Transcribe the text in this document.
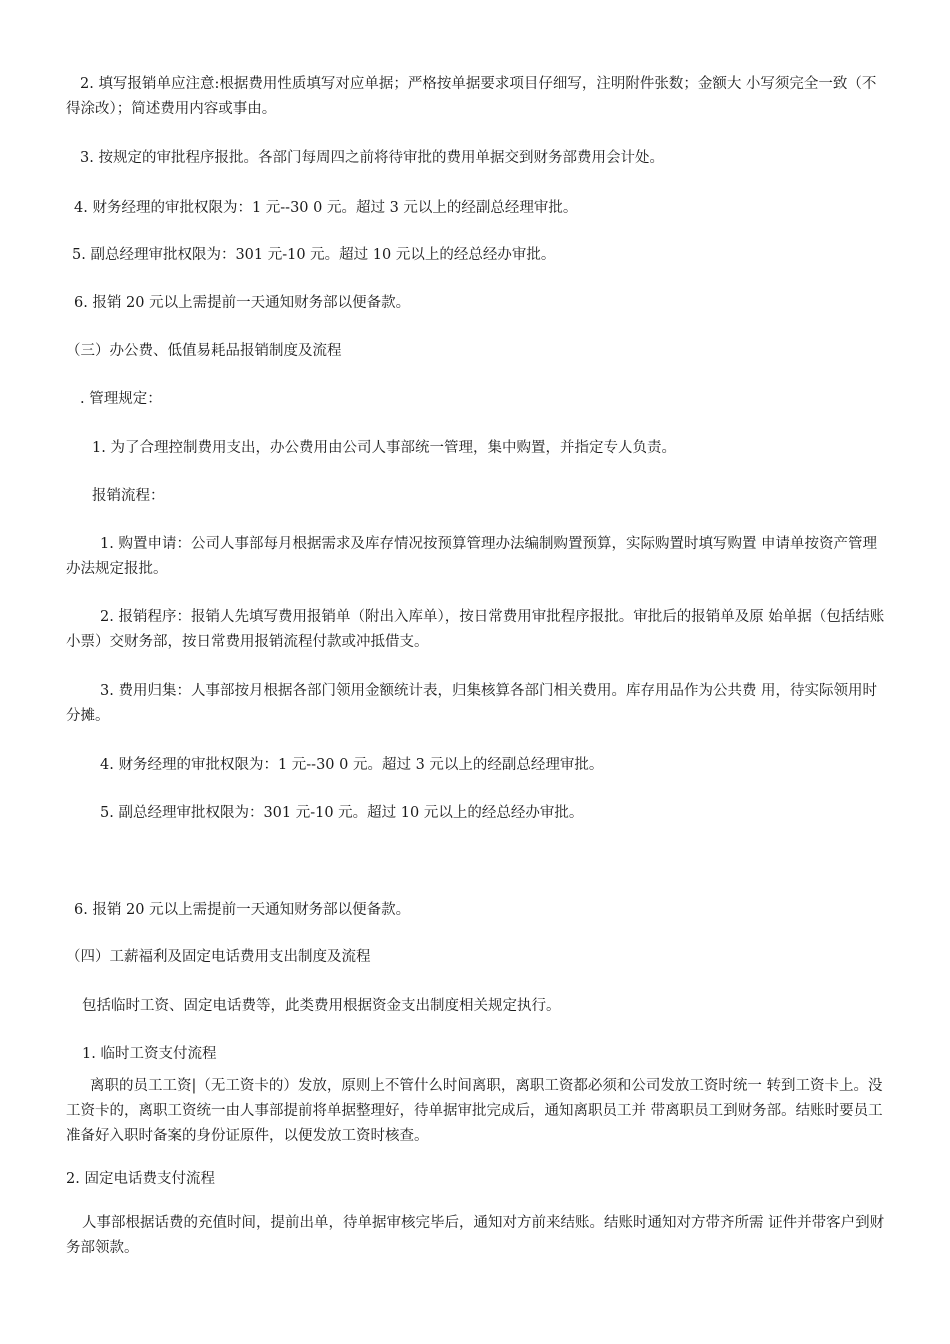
2. 填写报销单应注意:根据费用性质填写对应单据；严格按单据要求项目仔细写，注明附件张数；金额大 小写须完全一致（不得涂改）；简述费用内容或事由。

3. 按规定的审批程序报批。各部门每周四之前将待审批的费用单据交到财务部费用会计处。

4. 财务经理的审批权限为：1 元--30 0 元。超过 3 元以上的经副总经理审批。

5. 副总经理审批权限为：301 元-10 元。超过 10 元以上的经总经办审批。

6. 报销 20 元以上需提前一天通知财务部以便备款。

（三）办公费、低值易耗品报销制度及流程

. 管理规定：

1. 为了合理控制费用支出，办公费用由公司人事部统一管理，集中购置，并指定专人负责。

报销流程：

1. 购置申请：公司人事部每月根据需求及库存情况按预算管理办法编制购置预算，实际购置时填写购置 申请单按资产管理办法规定报批。

2. 报销程序：报销人先填写费用报销单（附出入库单），按日常费用审批程序报批。审批后的报销单及原 始单据（包括结账小票）交财务部，按日常费用报销流程付款或冲抵借支。

3. 费用归集：人事部按月根据各部门领用金额统计表，归集核算各部门相关费用。库存用品作为公共费 用，待实际领用时分摊。

4. 财务经理的审批权限为：1 元--30 0 元。超过 3 元以上的经副总经理审批。

5. 副总经理审批权限为：301 元-10 元。超过 10 元以上的经总经办审批。

6. 报销 20 元以上需提前一天通知财务部以便备款。

（四）工薪福利及固定电话费用支出制度及流程

包括临时工资、固定电话费等，此类费用根据资金支出制度相关规定执行。

1. 临时工资支付流程

离职的员工工资|（无工资卡的）发放，原则上不管什么时间离职，离职工资都必须和公司发放工资时统一 转到工资卡上。没工资卡的，离职工资统一由人事部提前将单据整理好，待单据审批完成后，通知离职员工并 带离职员工到财务部。结账时要员工准备好入职时备案的身份证原件，以便发放工资时核查。

2. 固定电话费支付流程

人事部根据话费的充值时间，提前出单，待单据审核完毕后，通知对方前来结账。结账时通知对方带齐所需 证件并带客户到财务部领款。
